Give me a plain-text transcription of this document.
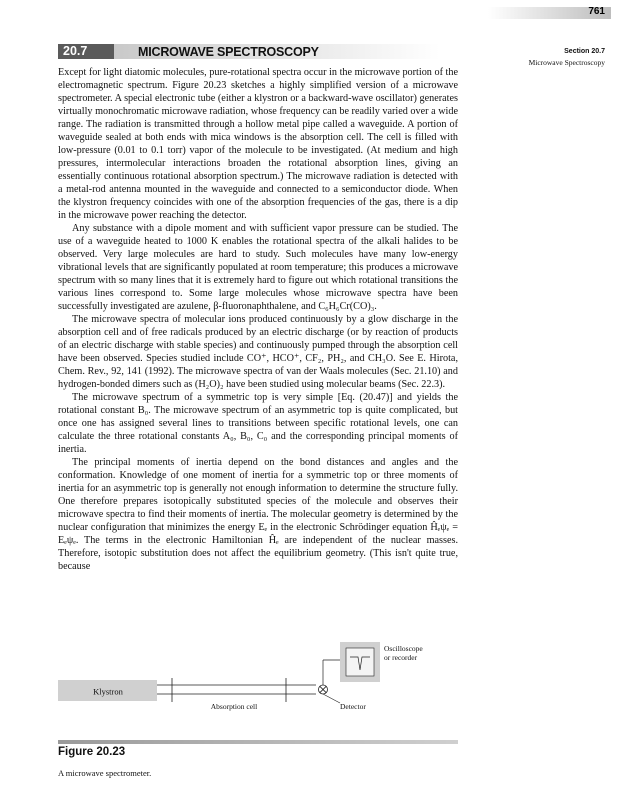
761
20.7	MICROWAVE SPECTROSCOPY	Section 20.7
Microwave Spectroscopy

Except for light diatomic molecules, pure-rotational spectra occur in the microwave portion of the electromagnetic spectrum. Figure 20.23 sketches a highly simplified version of a microwave spectrometer. A special electronic tube (either a klystron or a backward-wave oscillator) generates virtually monochromatic microwave radiation, whose frequency can be readily varied over a wide range. The radiation is transmitted through a hollow metal pipe called a waveguide. A portion of waveguide sealed at both ends with mica windows is the absorption cell. The cell is filled with low-pressure (0.01 to 0.1 torr) vapor of the molecule to be investigated. (At medium and high pressures, intermolecular interactions broaden the rotational absorption lines, giving an essentially continuous rotational absorption spectrum.) The microwave radiation is detected with a metal-rod antenna mounted in the waveguide and connected to a semiconductor diode. When the klystron frequency coincides with one of the absorption frequencies of the gas, there is a dip in the microwave power reaching the detector.

Any substance with a dipole moment and with sufficient vapor pressure can be studied. The use of a waveguide heated to 1000 K enables the rotational spectra of the alkali halides to be observed. Very large molecules are hard to study. Such molecules have many low-energy vibrational levels that are significantly populated at room temperature; this produces a microwave spectrum with so many lines that it is extremely hard to figure out which rotational transitions the various lines correspond to. Some large molecules whose microwave spectra have been successfully investigated are azulene, β-fluoronaphthalene, and C₆H₆Cr(CO)₃.

The microwave spectra of molecular ions produced continuously by a glow discharge in the absorption cell and of free radicals produced by an electric discharge (or by reaction of products of an electric discharge with stable species) and continuously pumped through the absorption cell have been observed. Species studied include CO⁺, HCO⁺, CF₂, PH₂, and CH₃O. See E. Hirota, Chem. Rev., 92, 141 (1992). The microwave spectra of van der Waals molecules (Sec. 21.10) and hydrogen-bonded dimers such as (H₂O)₂ have been studied using molecular beams (Sec. 22.3).

The microwave spectrum of a symmetric top is very simple [Eq. (20.47)] and yields the rotational constant B₀. The microwave spectrum of an asymmetric top is quite complicated, but once one has assigned several lines to transitions between specific rotational levels, one can calculate the three rotational constants A₀, B₀, C₀ and the corresponding principal moments of inertia.

The principal moments of inertia depend on the bond distances and angles and the conformation. Knowledge of one moment of inertia for a symmetric top or three moments of inertia for an asymmetric top is generally not enough information to determine the structure fully. One therefore prepares isotopically substituted species of the molecule and observes their microwave spectra to find their moments of inertia. The molecular geometry is determined by the nuclear configuration that minimizes the energy Eₑ in the electronic Schrödinger equation Ĥₑψₑ = Eₑψₑ. The terms in the electronic Hamiltonian Ĥₑ are independent of the nuclear masses. Therefore, isotopic substitution does not affect the equilibrium geometry. (This isn't quite true, because

Klystron
Absorption cell	Detector
Oscilloscope
or recorder
Figure 20.23
A microwave spectrometer.
